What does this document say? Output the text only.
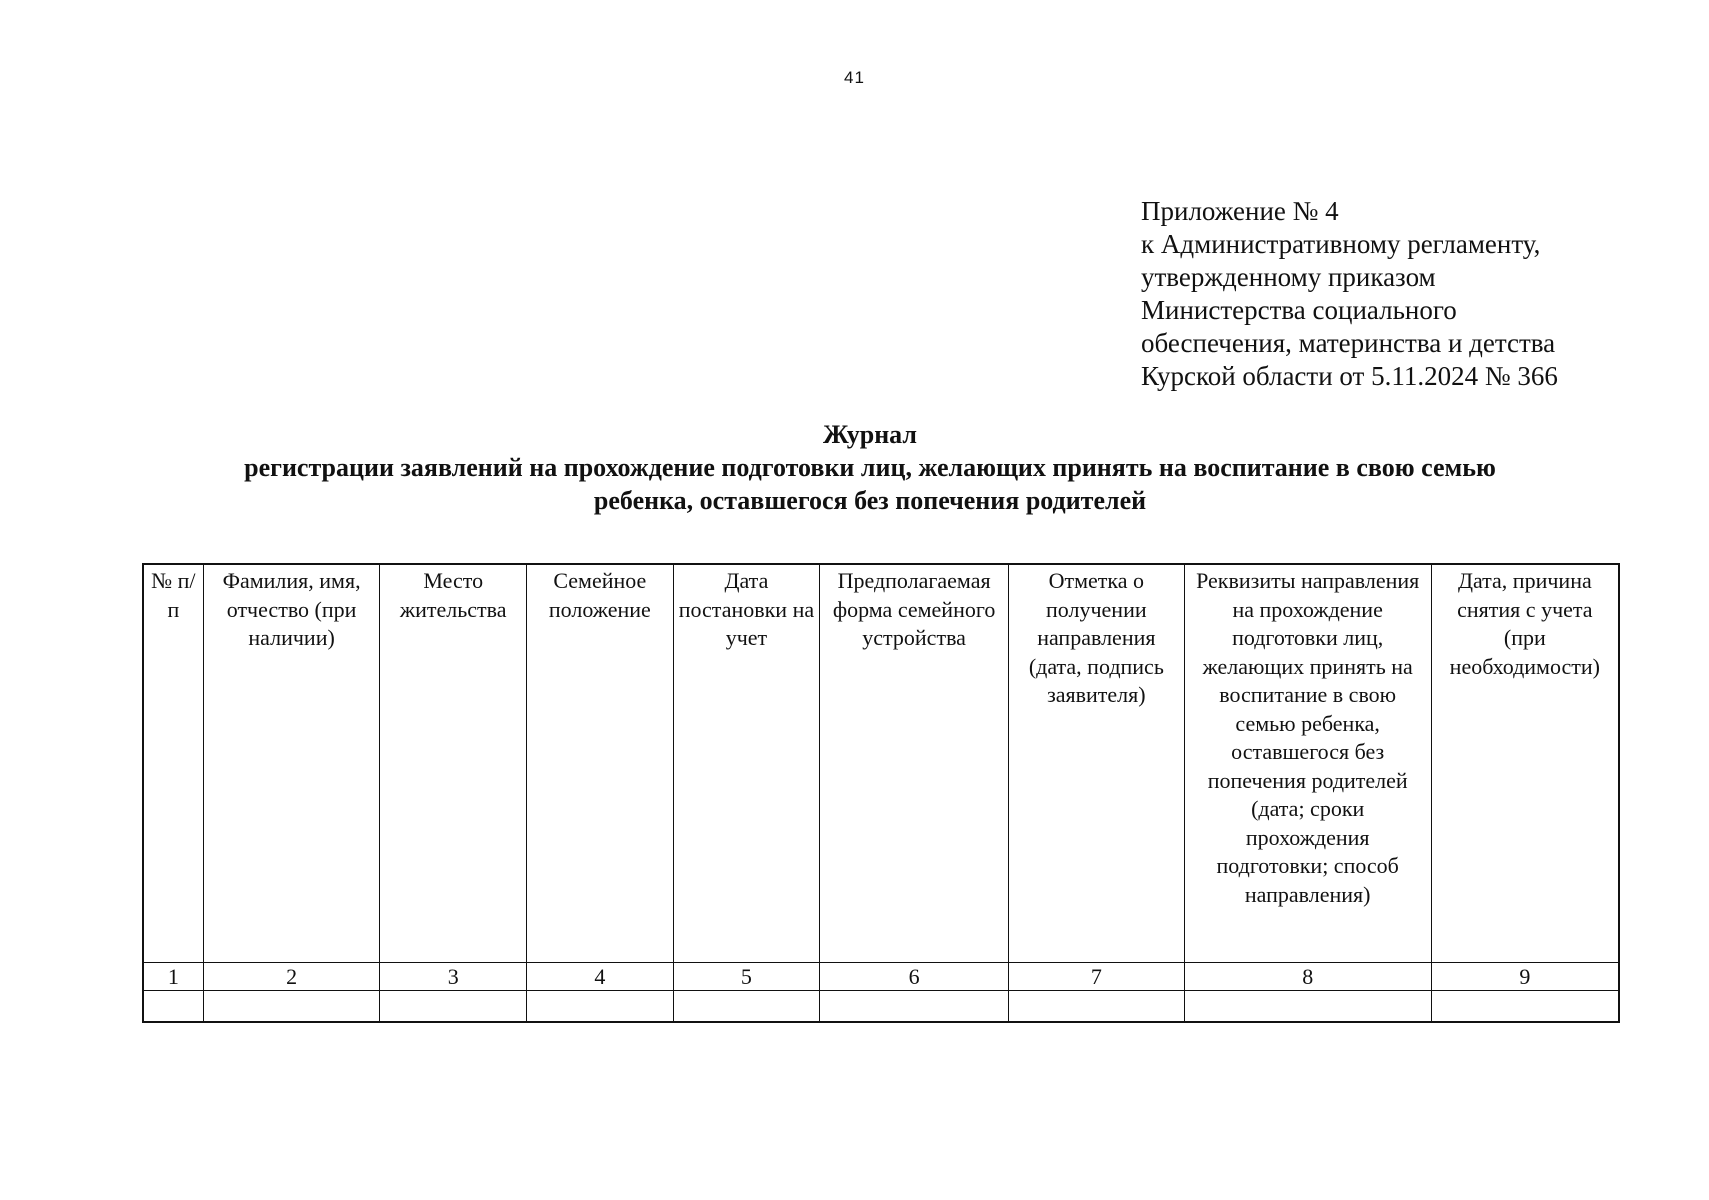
41
Приложение № 4
к Административному регламенту,
утвержденному приказом
Министерства социального
обеспечения, материнства и детства
Курской области от 5.11.2024 № 366
Журнал
регистрации заявлений на прохождение подготовки лиц, желающих принять на воспитание в свою семью
ребенка, оставшегося без попечения родителей
№ п/п	Фамилия, имя, отчество (при наличии)	Место жительства	Семейное положение	Дата постановки на учет	Предполагаемая форма семейного устройства	Отметка о получении направления (дата, подпись заявителя)	Реквизиты направления на прохождение подготовки лиц, желающих принять на воспитание в свою семью ребенка, оставшегося без попечения родителей (дата; сроки прохождения подготовки; способ направления)	Дата, причина снятия с учета (при необходимости)
1	2	3	4	5	6	7	8	9
